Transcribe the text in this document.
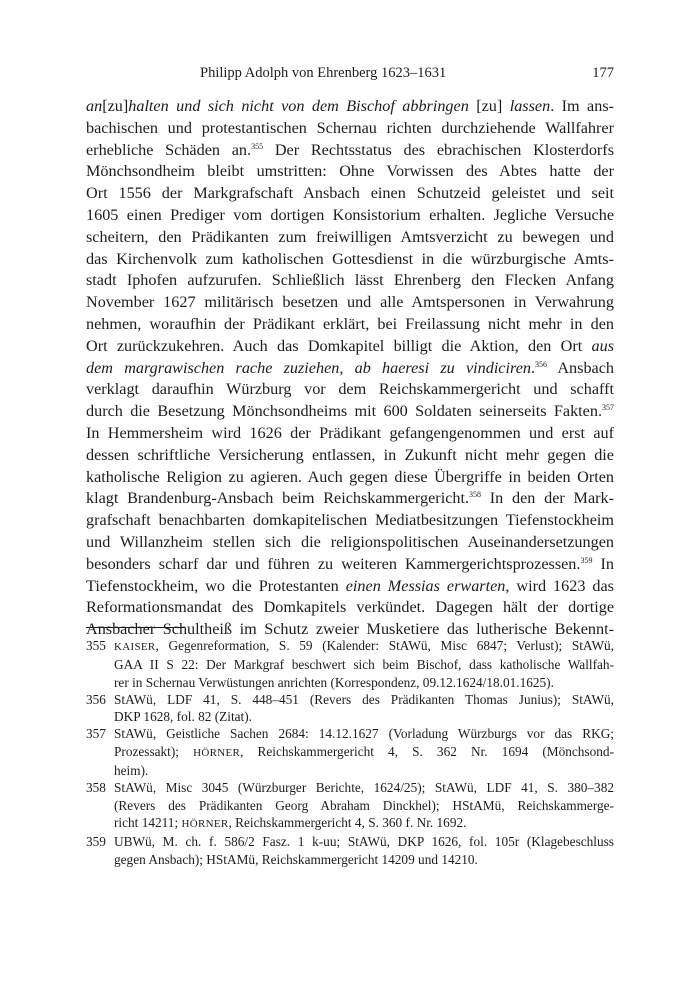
Philipp Adolph von Ehrenberg 1623–1631	177
an[zu]halten und sich nicht von dem Bischof abbringen [zu] lassen. Im ans-
bachischen und protestantischen Schernau richten durchziehende Wallfahrer
erhebliche Schäden an.$^{355}$ Der Rechtsstatus des ebrachischen Klosterdorfs
Mönchsondheim bleibt umstritten: Ohne Vorwissen des Abtes hatte der
Ort 1556 der Markgrafschaft Ansbach einen Schutzeid geleistet und seit
1605 einen Prediger vom dortigen Konsistorium erhalten. Jegliche Versuche
scheitern, den Prädikanten zum freiwilligen Amtsverzicht zu bewegen und
das Kirchenvolk zum katholischen Gottesdienst in die würzburgische Amts-
stadt Iphofen aufzurufen. Schließlich lässt Ehrenberg den Flecken Anfang
November 1627 militärisch besetzen und alle Amtspersonen in Verwahrung
nehmen, woraufhin der Prädikant erklärt, bei Freilassung nicht mehr in den
Ort zurückzukehren. Auch das Domkapitel billigt die Aktion, den Ort aus
dem margrawischen rache zuziehen, ab haeresi zu vindiciren.$^{356}$ Ansbach
verklagt daraufhin Würzburg vor dem Reichskammergericht und schafft
durch die Besetzung Mönchsondheims mit 600 Soldaten seinerseits Fakten.$^{357}$
In Hemmersheim wird 1626 der Prädikant gefangengenommen und erst auf
dessen schriftliche Versicherung entlassen, in Zukunft nicht mehr gegen die
katholische Religion zu agieren. Auch gegen diese Übergriffe in beiden Orten
klagt Brandenburg-Ansbach beim Reichskammergericht.$^{358}$ In den der Mark-
grafschaft benachbarten domkapitelischen Mediatbesitzungen Tiefenstockheim
und Willanzheim stellen sich die religionspolitischen Auseinandersetzungen
besonders scharf dar und führen zu weiteren Kammergerichtsprozessen.$^{359}$ In
Tiefenstockheim, wo die Protestanten einen Messias erwarten, wird 1623 das
Reformationsmandat des Domkapitels verkündet. Dagegen hält der dortige
Ansbacher Schultheiß im Schutz zweier Musketiere das lutherische Bekennt-
355 KAISER, Gegenreformation, S. 59 (Kalender: StAWü, Misc 6847; Verlust); StAWü,
GAA II S 22: Der Markgraf beschwert sich beim Bischof, dass katholische Wallfah-
rer in Schernau Verwüstungen anrichten (Korrespondenz, 09.12.1624/18.01.1625).
356 StAWü, LDF 41, S. 448–451 (Revers des Prädikanten Thomas Junius); StAWü,
DKP 1628, fol. 82 (Zitat).
357 StAWü, Geistliche Sachen 2684: 14.12.1627 (Vorladung Würzburgs vor das RKG;
Prozessakt); HÖRNER, Reichskammergericht 4, S. 362 Nr. 1694 (Mönchsond-
heim).
358 StAWü, Misc 3045 (Würzburger Berichte, 1624/25); StAWü, LDF 41, S. 380–382
(Revers des Prädikanten Georg Abraham Dinckhel); HStAMü, Reichskammerge-
richt 14211; HÖRNER, Reichskammergericht 4, S. 360 f. Nr. 1692.
359 UBWü, M. ch. f. 586/2 Fasz. 1 k-uu; StAWü, DKP 1626, fol. 105r (Klagebeschluss
gegen Ansbach); HStAMü, Reichskammergericht 14209 und 14210.
